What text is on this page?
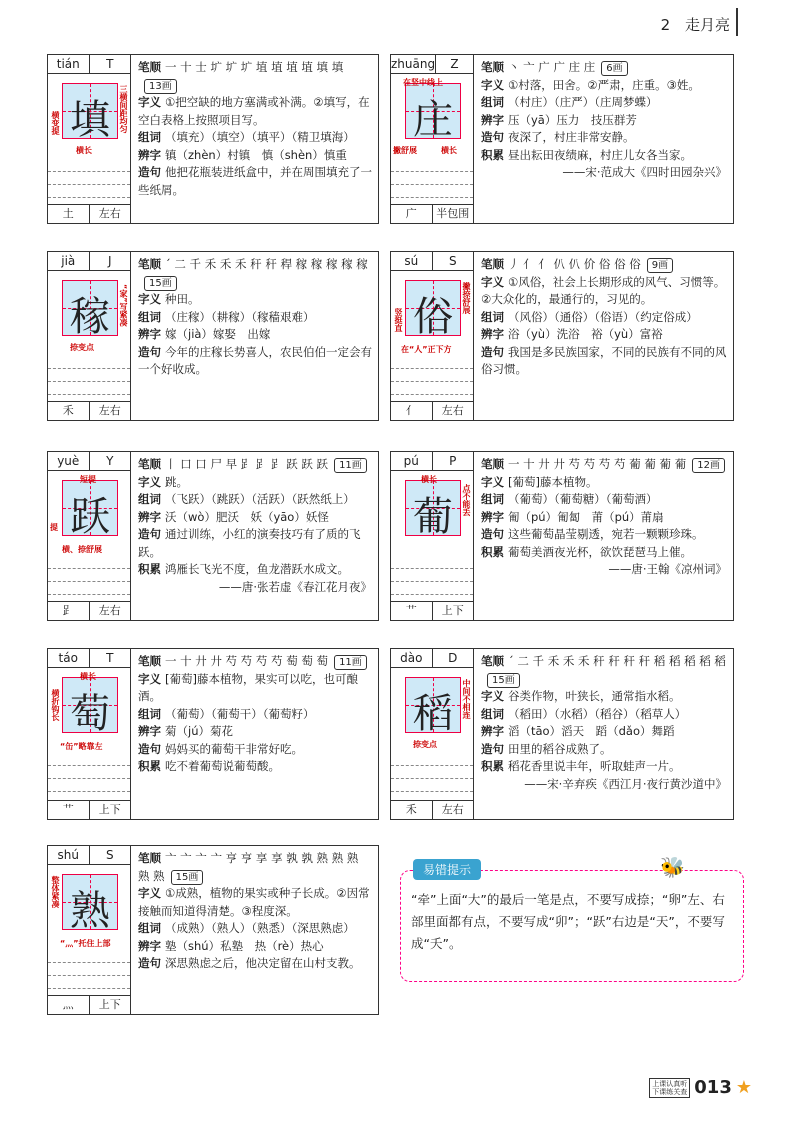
2 走月亮
tián	T
填
横变提
横长
三横间距均匀
土	左右
笔顺 一 十 士 圹 圹 圹 埴 埴 埴 埴 填 填13画
字义 ①把空缺的地方塞满或补满。②填写，在空白表格上按照项目写。
组词 （填充）（填空）（填平）（精卫填海）
辨字 镇（zhèn）村镇　慎（shèn）慎重
造句 他把花瓶装进纸盒中，并在周围填充了一些纸屑。
zhuāng	Z
庄
在竖中线上
撇舒展	横长
广	半包围
笔顺 丶 亠 广 广 庄 庄 6画
字义 ①村落，田舍。②严肃，庄重。③姓。
组词 （村庄）（庄严）（庄周梦蝶）
辨字 压（yā）压力　技压群芳
造句 夜深了，村庄非常安静。
积累 昼出耘田夜绩麻，村庄儿女各当家。
——宋·范成大《四时田园杂兴》
jià	J
稼
捺变点
“家”写紧凑
禾	左右
笔顺 ´ 二 千 禾 禾 禾 秆 秆 稈 稼 稼 稼 稼 稼15画
字义 种田。
组词 （庄稼）（耕稼）（稼穑艰难）
辨字 嫁（jià）嫁娶　出嫁
造句 今年的庄稼长势喜人，农民伯伯一定会有一个好收成。
sú	S
俗
竖挺直
撇捺舒展
在“人”正下方
亻	左右
笔顺 丿 亻 亻 仈 仈 价 俗 俗 俗 9画
字义 ①风俗，社会上长期形成的风气、习惯等。②大众化的，最通行的，习见的。
组词 （风俗）（通俗）（俗语）（约定俗成）
辨字 浴（yù）洗浴　裕（yù）富裕
造句 我国是多民族国家，不同的民族有不同的风俗习惯。
yuè	Y
跃
短提
提
横、捺舒展
𧾷	左右
笔顺 丨 口 口 尸 早 𧾷 𧾷 𧾷 跃 跃 跃 11画
字义 跳。
组词 （飞跃）（跳跃）（活跃）（跃然纸上）
辨字 沃（wò）肥沃　妖（yāo）妖怪
造句 通过训练，小红的演奏技巧有了质的飞跃。
积累 鸿雁长飞光不度，鱼龙潜跃水成文。
——唐·张若虚《春江花月夜》
pú	P
葡
横长
点不能丢
艹	上下
笔顺 一 十 廾 廾 芍 芍 芍 芍 葡 葡 葡 葡 12画
字义 [葡萄]藤本植物。
组词 （葡萄）（葡萄糖）（葡萄酒）
辨字 匍（pú）匍匐　莆（pú）莆扇
造句 这些葡萄晶莹剔透，宛若一颗颗珍珠。
积累 葡萄美酒夜光杯，欲饮琵琶马上催。
——唐·王翰《凉州词》
táo	T
萄
横长
横折钩长
“缶”略靠左
艹	上下
笔顺 一 十 廾 廾 芍 芍 芍 芍 萄 萄 萄 11画
字义 [葡萄]藤本植物，果实可以吃，也可酿酒。
组词 （葡萄）（葡萄干）（葡萄籽）
辨字 菊（jú）菊花
造句 妈妈买的葡萄干非常好吃。
积累 吃不着葡萄说葡萄酸。
dào	D
稻	中间不相连
捺变点
禾	左右
笔顺 ´ 二 千 禾 禾 禾 秆 秆 秆 秆 稻 稻 稻 稻 稻15画
字义 谷类作物，叶狭长，通常指水稻。
组词 （稻田）（水稻）（稻谷）（稻草人）
辨字 滔（tāo）滔天　蹈（dǎo）舞蹈
造句 田里的稻谷成熟了。
积累 稻花香里说丰年，听取蛙声一片。
——宋·辛弃疾《西江月·夜行黄沙道中》
shú	S
熟
整体紧凑
“灬”托住上部
灬	上下
笔顺 亠 亠 亠 亠 亨 亨 享 享 孰 孰 熟 熟 熟 熟 熟 15画
字义 ①成熟，植物的果实或种子长成。②因常接触而知道得清楚。③程度深。
组词 （成熟）（熟人）（熟悉）（深思熟虑）
辨字 塾（shú）私塾　热（rè）热心
造句 深思熟虑之后，他决定留在山村支教。
易错提示
“牵”上面“大”的最后一笔是点，不要写成捺；“卵”左、右部里面都有点，不要写成“卯”；“跃”右边是“天”，不要写成“夭”。
🐝
上课认真听
下课练关查 013 ★
